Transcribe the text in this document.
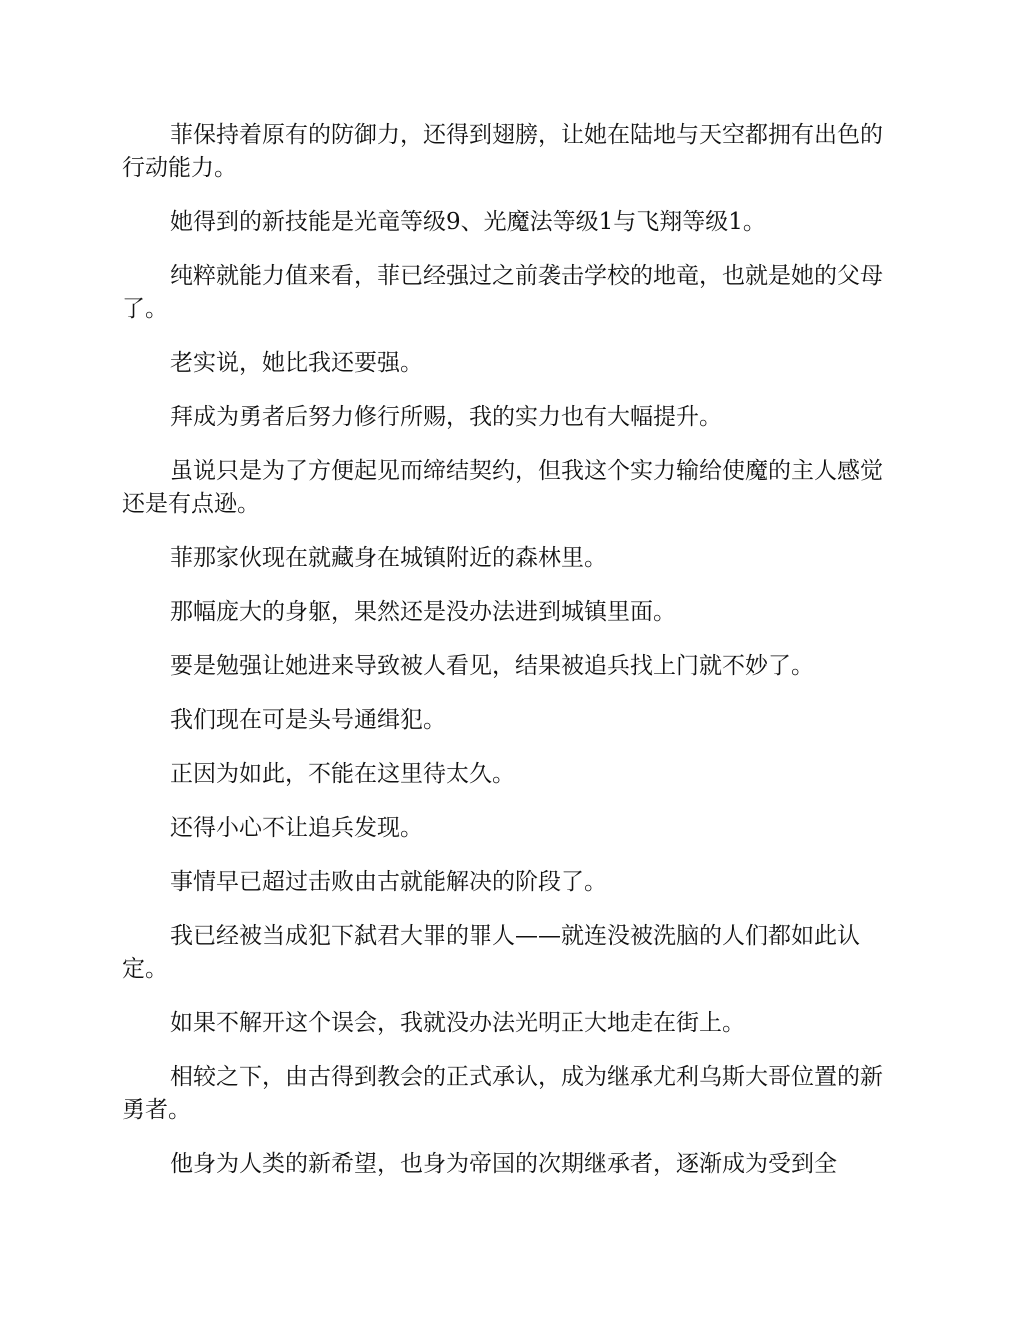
菲保持着原有的防御力，还得到翅膀，让她在陆地与天空都拥有出色的行动能力。

她得到的新技能是光竜等级9、光魔法等级1与飞翔等级1。

纯粹就能力值来看，菲已经强过之前袭击学校的地竜，也就是她的父母了。

老实说，她比我还要强。

拜成为勇者后努力修行所赐，我的实力也有大幅提升。

虽说只是为了方便起见而缔结契约，但我这个实力输给使魔的主人感觉还是有点逊。

菲那家伙现在就藏身在城镇附近的森林里。

那幅庞大的身躯，果然还是没办法进到城镇里面。

要是勉强让她进来导致被人看见，结果被追兵找上门就不妙了。

我们现在可是头号通缉犯。

正因为如此，不能在这里待太久。

还得小心不让追兵发现。

事情早已超过击败由古就能解决的阶段了。

我已经被当成犯下弑君大罪的罪人——就连没被洗脑的人们都如此认定。

如果不解开这个误会，我就没办法光明正大地走在街上。

相较之下，由古得到教会的正式承认，成为继承尤利乌斯大哥位置的新勇者。

他身为人类的新希望，也身为帝国的次期继承者，逐渐成为受到全
